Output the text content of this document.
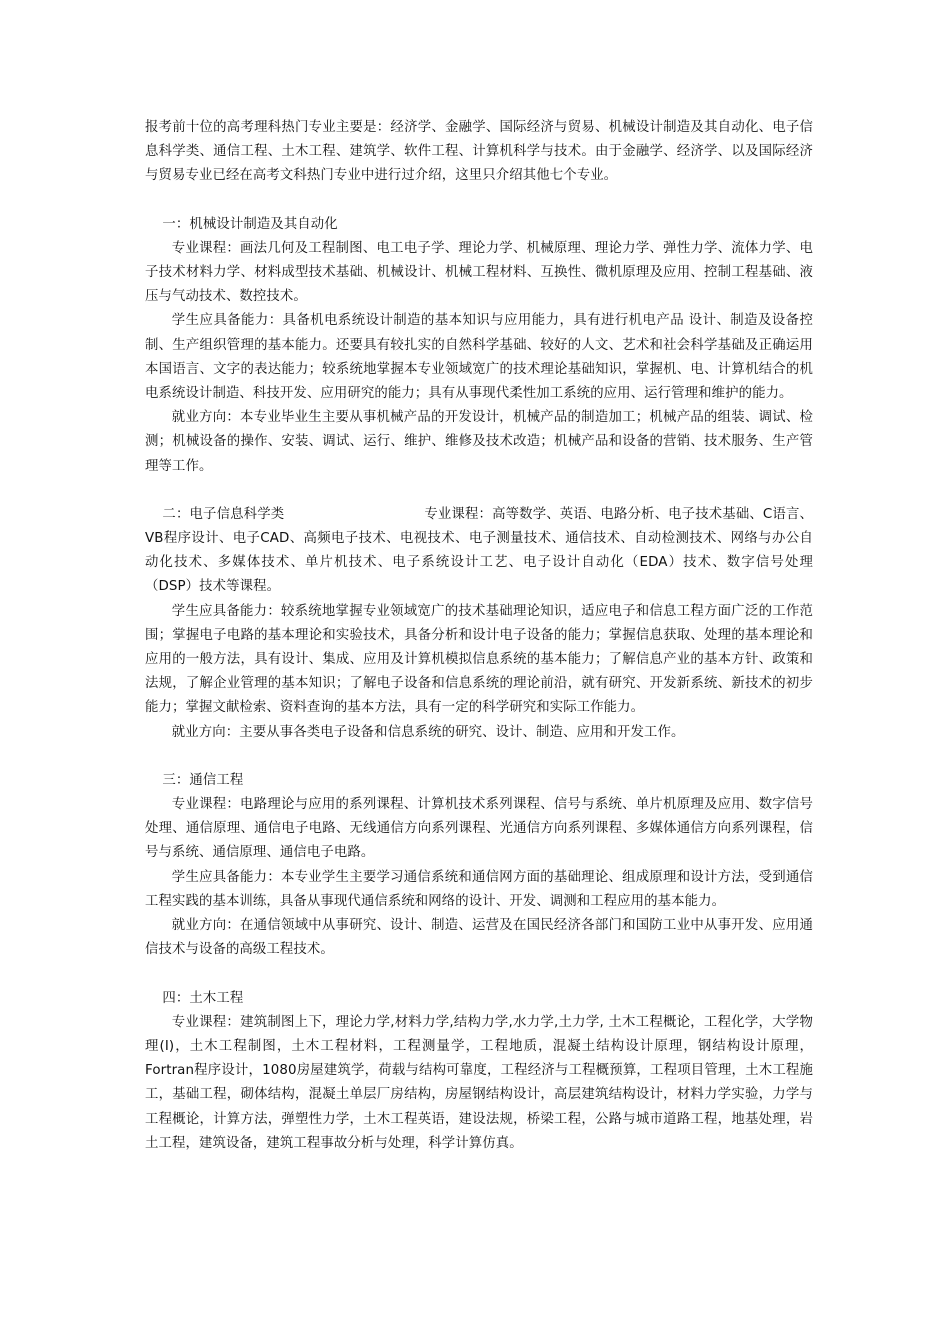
报考前十位的高考理科热门专业主要是：经济学、金融学、国际经济与贸易、机械设计制造及其自动化、电子信息科学类、通信工程、土木工程、建筑学、软件工程、计算机科学与技术。由于金融学、经济学、以及国际经济与贸易专业已经在高考文科热门专业中进行过介绍，这里只介绍其他七个专业。

一：机械设计制造及其自动化

专业课程：画法几何及工程制图、电工电子学、理论力学、机械原理、理论力学、弹性力学、流体力学、电子技术材料力学、材料成型技术基础、机械设计、机械工程材料、互换性、微机原理及应用、控制工程基础、液压与气动技术、数控技术。

学生应具备能力：具备机电系统设计制造的基本知识与应用能力，具有进行机电产品 设计、制造及设备控制、生产组织管理的基本能力。还要具有较扎实的自然科学基础、较好的人文、艺术和社会科学基础及正确运用本国语言、文字的表达能力；较系统地掌握本专业领域宽广的技术理论基础知识，掌握机、电、计算机结合的机电系统设计制造、科技开发、应用研究的能力；具有从事现代柔性加工系统的应用、运行管理和维护的能力。

就业方向：本专业毕业生主要从事机械产品的开发设计，机械产品的制造加工；机械产品的组装、调试、检测；机械设备的操作、安装、调试、运行、维护、维修及技术改造；机械产品和设备的营销、技术服务、生产管理等工作。

二：电子信息科学类	专业课程：高等数学、英语、电路分析、电子技术基础、C语言、VB程序设计、电子CAD、高频电子技术、电视技术、电子测量技术、通信技术、自动检测技术、网络与办公自动化技术、多媒体技术、单片机技术、电子系统设计工艺、电子设计自动化（EDA）技术、数字信号处理（DSP）技术等课程。

学生应具备能力：较系统地掌握专业领域宽广的技术基础理论知识，适应电子和信息工程方面广泛的工作范围；掌握电子电路的基本理论和实验技术，具备分析和设计电子设备的能力；掌握信息获取、处理的基本理论和应用的一般方法，具有设计、集成、应用及计算机模拟信息系统的基本能力；了解信息产业的基本方针、政策和法规，了解企业管理的基本知识；了解电子设备和信息系统的理论前沿，就有研究、开发新系统、新技术的初步能力；掌握文献检索、资料查询的基本方法，具有一定的科学研究和实际工作能力。

就业方向：主要从事各类电子设备和信息系统的研究、设计、制造、应用和开发工作。

三：通信工程

专业课程：电路理论与应用的系列课程、计算机技术系列课程、信号与系统、单片机原理及应用、数字信号处理、通信原理、通信电子电路、无线通信方向系列课程、光通信方向系列课程、多媒体通信方向系列课程，信号与系统、通信原理、通信电子电路。

学生应具备能力：本专业学生主要学习通信系统和通信网方面的基础理论、组成原理和设计方法，受到通信工程实践的基本训练，具备从事现代通信系统和网络的设计、开发、调测和工程应用的基本能力。

就业方向：在通信领域中从事研究、设计、制造、运营及在国民经济各部门和国防工业中从事开发、应用通信技术与设备的高级工程技术。

四：土木工程

专业课程：建筑制图上下，理论力学,材料力学,结构力学,水力学,土力学, 土木工程概论，工程化学，大学物理(I)，土木工程制图，土木工程材料，工程测量学，工程地质，混凝土结构设计原理，钢结构设计原理，Fortran程序设计，1080房屋建筑学，荷载与结构可靠度，工程经济与工程概预算，工程项目管理，土木工程施工，基础工程，砌体结构，混凝土单层厂房结构，房屋钢结构设计，高层建筑结构设计，材料力学实验，力学与工程概论，计算方法，弹塑性力学，土木工程英语，建设法规，桥梁工程，公路与城市道路工程，地基处理，岩土工程，建筑设备，建筑工程事故分析与处理，科学计算仿真。
